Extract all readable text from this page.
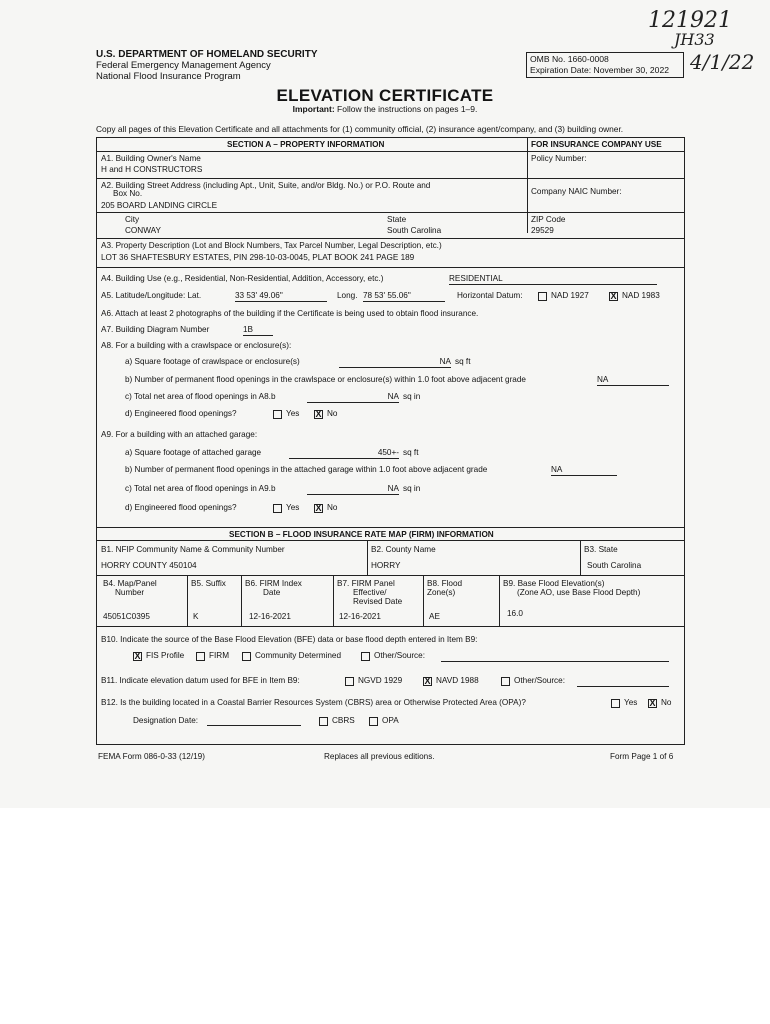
121921
JH33
4/1/22
U.S. DEPARTMENT OF HOMELAND SECURITY
Federal Emergency Management Agency
National Flood Insurance Program
OMB No. 1660-0008
Expiration Date: November 30, 2022
ELEVATION CERTIFICATE
Important: Follow the instructions on pages 1–9.
Copy all pages of this Elevation Certificate and all attachments for (1) community official, (2) insurance agent/company, and (3) building owner.
SECTION A – PROPERTY INFORMATION	FOR INSURANCE COMPANY USE
A1. Building Owner's Name
H and H CONSTRUCTORS
Policy Number:
A2. Building Street Address (including Apt., Unit, Suite, and/or Bldg. No.) or P.O. Route and
Box No.
205 BOARD LANDING CIRCLE
Company NAIC Number:
City
CONWAY
State
South Carolina
ZIP Code
29529
A3. Property Description (Lot and Block Numbers, Tax Parcel Number, Legal Description, etc.)
LOT 36 SHAFTESBURY ESTATES, PIN 298-10-03-0045, PLAT BOOK 241 PAGE 189
A4. Building Use (e.g., Residential, Non-Residential, Addition, Accessory, etc.)	RESIDENTIAL
A5. Latitude/Longitude: Lat.	33 53' 49.06"	Long. 78 53' 55.06"	Horizontal Datum:	NAD 1927 X NAD 1983
A6. Attach at least 2 photographs of the building if the Certificate is being used to obtain flood insurance.
A7. Building Diagram Number	1B
A8. For a building with a crawlspace or enclosure(s):
a) Square footage of crawlspace or enclosure(s)	NA sq ft
b) Number of permanent flood openings in the crawlspace or enclosure(s) within 1.0 foot above adjacent grade	NA
c) Total net area of flood openings in A8.b	NA sq in
d) Engineered flood openings?	Yes X No
A9. For a building with an attached garage:
a) Square footage of attached garage	450+- sq ft
b) Number of permanent flood openings in the attached garage within 1.0 foot above adjacent grade	NA
c) Total net area of flood openings in A9.b	NA sq in
d) Engineered flood openings?	Yes X No
SECTION B – FLOOD INSURANCE RATE MAP (FIRM) INFORMATION
B1. NFIP Community Name & Community Number
HORRY COUNTY 450104
B2. County Name
HORRY
B3. State
South Carolina
B4. Map/Panel
Number
45051C0395
B5. Suffix
K
B6. FIRM Index
Date
12-16-2021
B7. FIRM Panel
Effective/
Revised Date
12-16-2021
B8. Flood
Zone(s)
AE
B9. Base Flood Elevation(s)
(Zone AO, use Base Flood Depth)
16.0
B10. Indicate the source of the Base Flood Elevation (BFE) data or base flood depth entered in Item B9:
X FIS Profile	FIRM	Community Determined	Other/Source:
B11. Indicate elevation datum used for BFE in Item B9:	NGVD 1929 X NAVD 1988	Other/Source:
B12. Is the building located in a Coastal Barrier Resources System (CBRS) area or Otherwise Protected Area (OPA)?	Yes X No
Designation Date:	CBRS	OPA
FEMA Form 086-0-33 (12/19)	Replaces all previous editions.	Form Page 1 of 6
